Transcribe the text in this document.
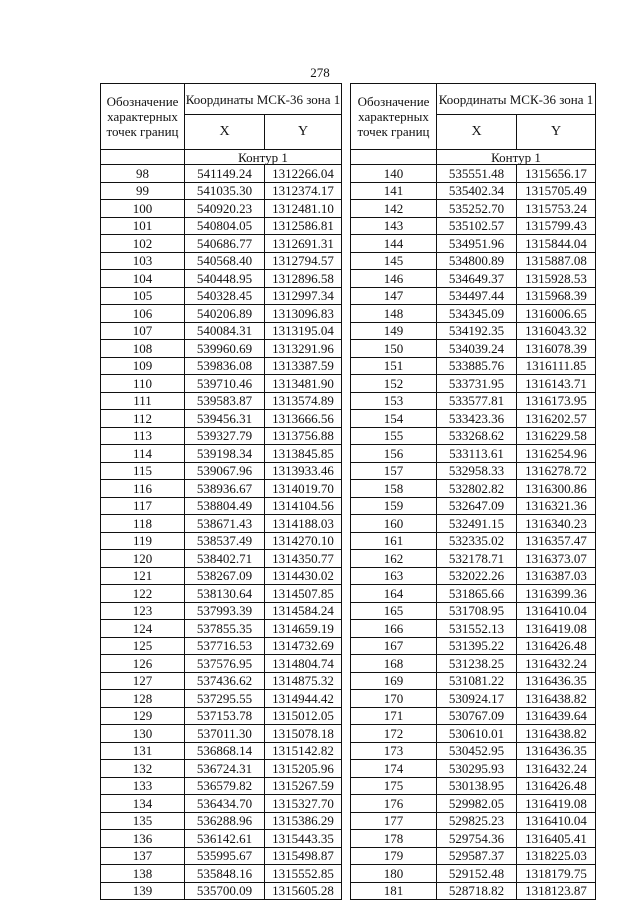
278
Обозначение характерных точек границ	Координаты МСК-36 зона 1	
	X	Y
	Контур 1	
98	541149.24	1312266.04
99	541035.30	1312374.17
100	540920.23	1312481.10
101	540804.05	1312586.81
102	540686.77	1312691.31
103	540568.40	1312794.57
104	540448.95	1312896.58
105	540328.45	1312997.34
106	540206.89	1313096.83
107	540084.31	1313195.04
108	539960.69	1313291.96
109	539836.08	1313387.59
110	539710.46	1313481.90
111	539583.87	1313574.89
112	539456.31	1313666.56
113	539327.79	1313756.88
114	539198.34	1313845.85
115	539067.96	1313933.46
116	538936.67	1314019.70
117	538804.49	1314104.56
118	538671.43	1314188.03
119	538537.49	1314270.10
120	538402.71	1314350.77
121	538267.09	1314430.02
122	538130.64	1314507.85
123	537993.39	1314584.24
124	537855.35	1314659.19
125	537716.53	1314732.69
126	537576.95	1314804.74
127	537436.62	1314875.32
128	537295.55	1314944.42
129	537153.78	1315012.05
130	537011.30	1315078.18
131	536868.14	1315142.82
132	536724.31	1315205.96
133	536579.82	1315267.59
134	536434.70	1315327.70
135	536288.96	1315386.29
136	536142.61	1315443.35
137	535995.67	1315498.87
138	535848.16	1315552.85
139	535700.09	1315605.28
Обозначение характерных точек границ	Координаты МСК-36 зона 1	
	X	Y
	Контур 1	
140	535551.48	1315656.17
141	535402.34	1315705.49
142	535252.70	1315753.24
143	535102.57	1315799.43
144	534951.96	1315844.04
145	534800.89	1315887.08
146	534649.37	1315928.53
147	534497.44	1315968.39
148	534345.09	1316006.65
149	534192.35	1316043.32
150	534039.24	1316078.39
151	533885.76	1316111.85
152	533731.95	1316143.71
153	533577.81	1316173.95
154	533423.36	1316202.57
155	533268.62	1316229.58
156	533113.61	1316254.96
157	532958.33	1316278.72
158	532802.82	1316300.86
159	532647.09	1316321.36
160	532491.15	1316340.23
161	532335.02	1316357.47
162	532178.71	1316373.07
163	532022.26	1316387.03
164	531865.66	1316399.36
165	531708.95	1316410.04
166	531552.13	1316419.08
167	531395.22	1316426.48
168	531238.25	1316432.24
169	531081.22	1316436.35
170	530924.17	1316438.82
171	530767.09	1316439.64
172	530610.01	1316438.82
173	530452.95	1316436.35
174	530295.93	1316432.24
175	530138.95	1316426.48
176	529982.05	1316419.08
177	529825.23	1316410.04
178	529754.36	1316405.41
179	529587.37	1318225.03
180	529152.48	1318179.75
181	528718.82	1318123.87
